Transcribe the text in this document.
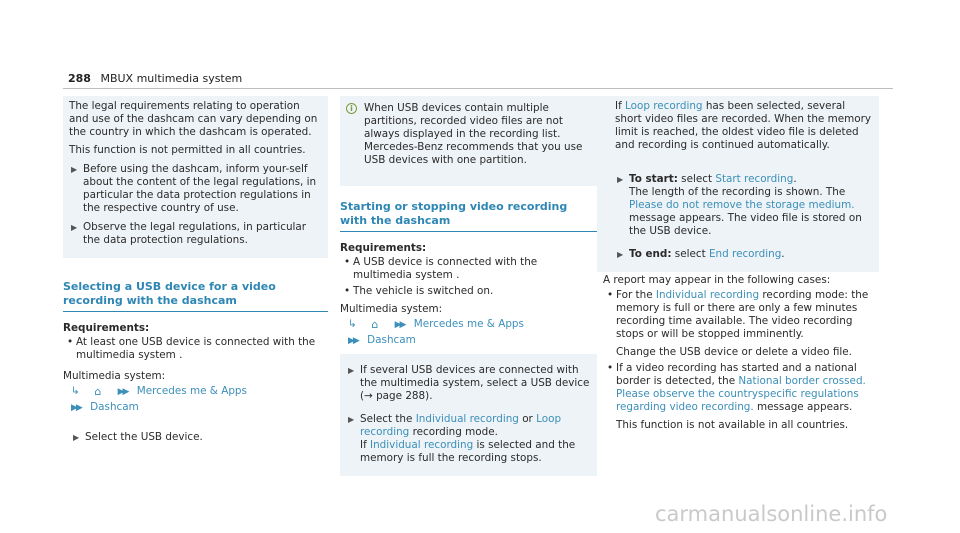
288 MBUX multimedia system

The legal requirements relating to operation and use of the dashcam can vary depending on the country in which the dashcam is operated.

This function is not permitted in all countries.

▶ Before using the dashcam, inform your-self about the content of the legal regulations, in particular the data protection regulations in the respective country of use.
▶ Observe the legal regulations, in particular the data protection regulations.
Selecting a USB device for a video recording with the dashcam
Requirements:
• At least one USB device is connected with the multimedia system .

Multimedia system:

↳ ⌂ ▶▶ Mercedes me & Apps
▶▶ Dashcam
▶ Select the USB device.
i	When USB devices contain multiple partitions, recorded video files are not always displayed in the recording list.

Mercedes-Benz recommends that you use USB devices with one partition.

Starting or stopping video recording with the dashcam
Requirements:
• A USB device is connected with the multimedia system .
• The vehicle is switched on.

Multimedia system:

↳ ⌂ ▶▶ Mercedes me & Apps
▶▶ Dashcam
▶ If several USB devices are connected with the multimedia system, select a USB device (→ page 288).
▶ Select the Individual recording or Loop recording recording mode.
If Individual recording is selected and the memory is full the recording stops.

If Loop recording has been selected, several short video files are recorded. When the memory limit is reached, the oldest video file is deleted and recording is continued automatically.

▶ To start: select Start recording.
The length of the recording is shown. The Please do not remove the storage medium. message appears. The video file is stored on the USB device.
▶ To end: select End recording.

A report may appear in the following cases:

• For the Individual recording recording mode: the memory is full or there are only a few minutes recording time available. The video recording stops or will be stopped imminently.
Change the USB device or delete a video file.
• If a video recording has started and a national border is detected, the National border crossed. Please observe the countryspecific regulations regarding video recording. message appears.
This function is not available in all countries.
carmanualsonline.info
